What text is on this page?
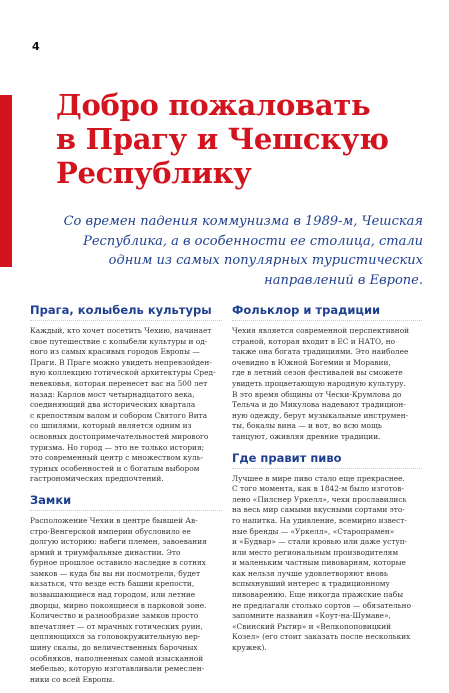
4
Добро пожаловать
в Прагу и Чешскую
Республику

Со времен падения коммунизма в 1989-м, Чешская
Республика, а в особенности ее столица, стали
одним из самых популярных туристических
направлений в Европе.

Прага, колыбель культуры

Каждый, кто хочет посетить Чехию, начинает
свое путешествие с колыбели культуры и од-
ного из самых красивых городов Европы —
Праги. В Праге можно увидеть непревзойден-
ную коллекцию готической архитектуры Сред-
невековья, которая перенесет вас на 500 лет
назад: Карлов мост четырнадцатого века,
соединяющий два исторических квартала
с крепостным валом и собором Святого Вита
со шпилями, который является одним из
основных достопримечательностей мирового
туризма. Но город — это не только история;
это современный центр с множеством куль-
турных особенностей и с богатым выбором
гастрономических предпочтений.

Замки

Расположение Чехии в центре бывшей Ав-
стро-Венгерской империи обусловило ее
долгую историю: набеги племен, завоевания
армий и триумфальные династии. Это
бурное прошлое оставило наследие в сотнях
замков — куда бы вы ни посмотрели, будет
казаться, что везде есть башни крепости,
возвышающиеся над городом, или летние
дворцы, мирно покоящиеся в парковой зоне.
Количество и разнообразие замков просто
впечатляет — от мрачных готических руин,
цепляющихся за головокружительную вер-
шину скалы, до величественных барочных
особняков, наполненных самой изысканной
мебелью, которую изготавливали ремеслен-
ники со всей Европы.

Фольклор и традиции

Чехия является современной перспективной
страной, которая входит в ЕС и НАТО, но
также она богата традициями. Это наиболее
очевидно в Южной Богемии и Моравии,
где в летний сезон фестивалей вы сможете
увидеть процветающую народную культуру.
В это время общины от Чески-Крумлова до
Тельча и до Микулова надевают традицион-
ную одежду, берут музыкальные инструмен-
ты, бокалы вина — и вот, во всю мощь
танцуют, оживляя древние традиции.

Где правит пиво

Лучшее в мире пиво стало еще прекраснее.
С того момента, как в 1842-м было изготов-
лено «Пилснер Уркелл», чехи прославились
на весь мир самыми вкусными сортами это-
го напитка. На удивление, всемирно извест-
ные бренды — «Уркелл», «Старопрамен»
и «Будвар» — стали кровью или даже уступ-
или место региональным производителям
и маленьким частным пивоварням, которые
как нельзя лучше удовлетворяют вновь
вспыхнувший интерес к традиционному
пивоварению. Еще никогда пражские пабы
не предлагали столько сортов — обязательно
запомните названия «Коут-на-Шумаве»,
«Свинский Рытир» и «Велкопоповицкий
Козел» (его стоит заказать после нескольких
кружек).
